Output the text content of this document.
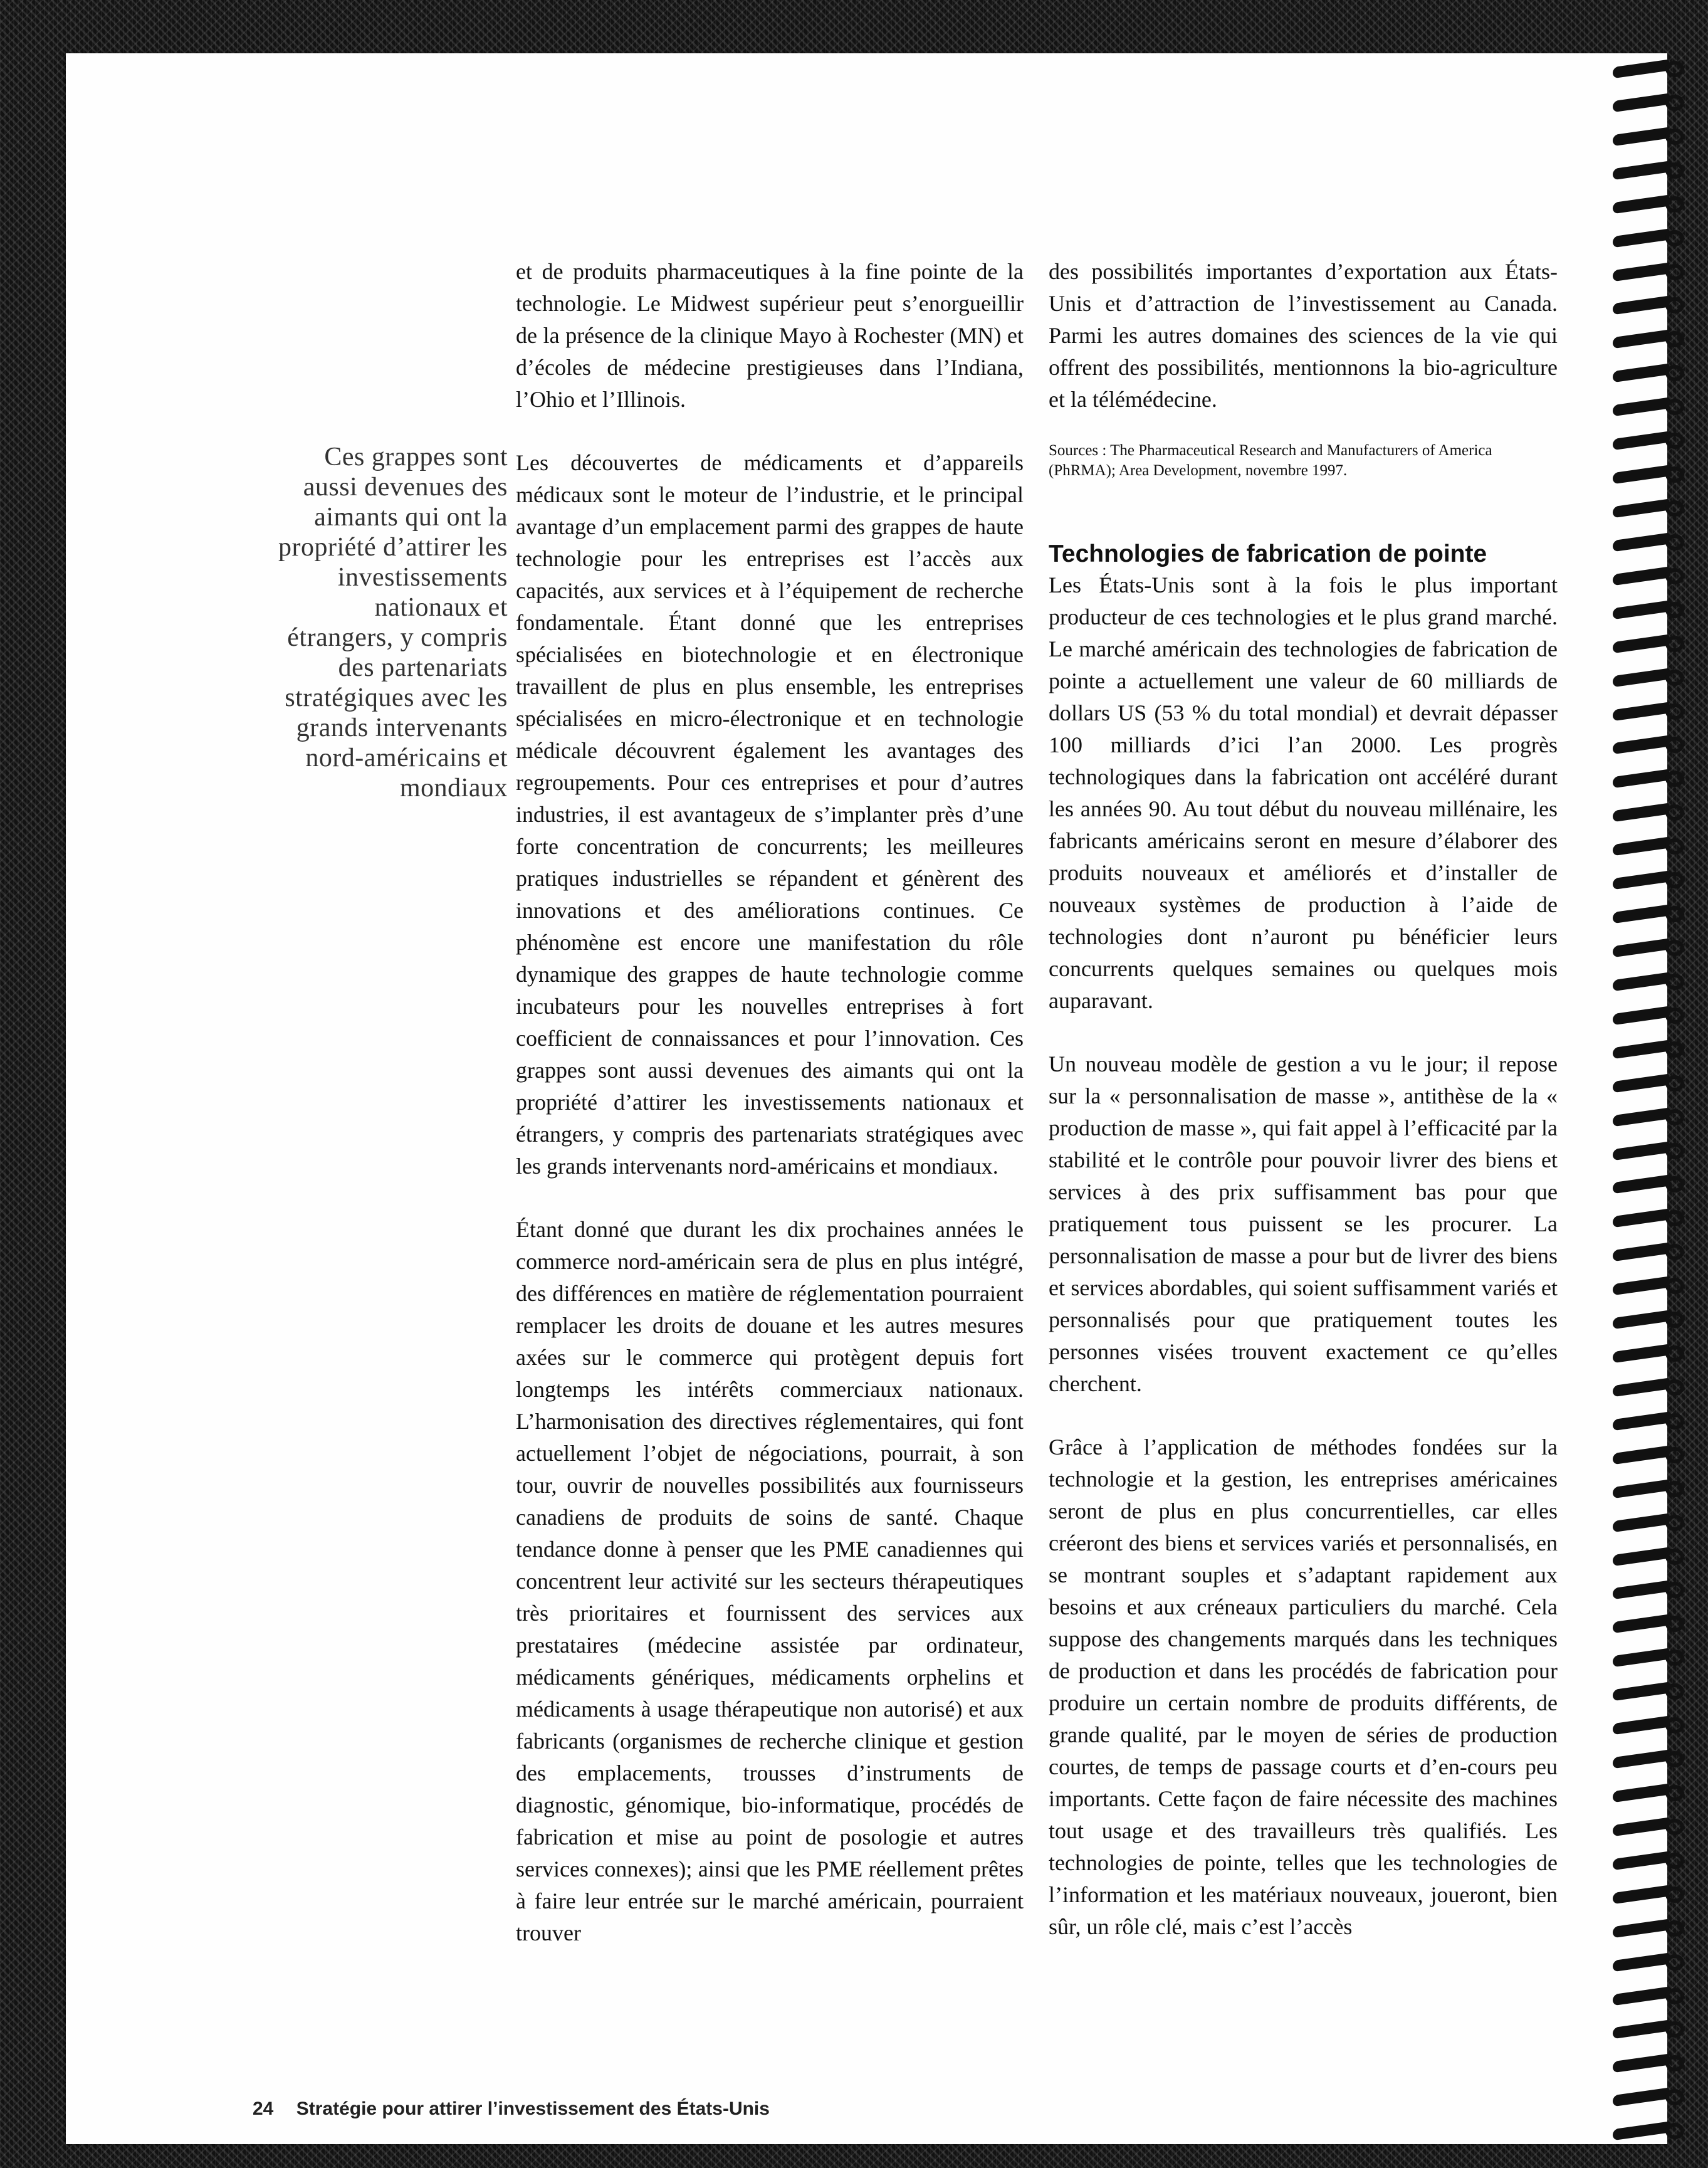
Ces grappes sont aussi devenues des aimants qui ont la propriété d’attirer les investissements nationaux et étrangers, y compris des partenariats stratégiques avec les grands intervenants nord-américains et mondiaux

et de produits pharmaceutiques à la fine pointe de la technologie. Le Midwest supérieur peut s’enorgueillir de la présence de la clinique Mayo à Rochester (MN) et d’écoles de médecine prestigieuses dans l’Indiana, l’Ohio et l’Illinois.

Les découvertes de médicaments et d’appareils médicaux sont le moteur de l’industrie, et le principal avantage d’un emplacement parmi des grappes de haute technologie pour les entreprises est l’accès aux capacités, aux services et à l’équipement de recherche fondamentale. Étant donné que les entreprises spécialisées en biotechnologie et en électronique travaillent de plus en plus ensemble, les entreprises spécialisées en micro-électronique et en technologie médicale découvrent également les avantages des regroupements. Pour ces entreprises et pour d’autres industries, il est avantageux de s’implanter près d’une forte concentration de concurrents; les meilleures pratiques industrielles se répandent et génèrent des innovations et des améliorations continues. Ce phénomène est encore une manifestation du rôle dynamique des grappes de haute technologie comme incubateurs pour les nouvelles entreprises à fort coefficient de connaissances et pour l’innovation. Ces grappes sont aussi devenues des aimants qui ont la propriété d’attirer les investissements nationaux et étrangers, y compris des partenariats stratégiques avec les grands intervenants nord-américains et mondiaux.

Étant donné que durant les dix prochaines années le commerce nord-américain sera de plus en plus intégré, des différences en matière de réglementation pourraient remplacer les droits de douane et les autres mesures axées sur le commerce qui protègent depuis fort longtemps les intérêts commerciaux nationaux. L’harmonisation des directives réglementaires, qui font actuellement l’objet de négociations, pourrait, à son tour, ouvrir de nouvelles possibilités aux fournisseurs canadiens de produits de soins de santé. Chaque tendance donne à penser que les PME canadiennes qui concentrent leur activité sur les secteurs thérapeutiques très prioritaires et fournissent des services aux prestataires (médecine assistée par ordinateur, médicaments génériques, médicaments orphelins et médicaments à usage thérapeutique non autorisé) et aux fabricants (organismes de recherche clinique et gestion des emplacements, trousses d’instruments de diagnostic, génomique, bio-informatique, procédés de fabrication et mise au point de posologie et autres services connexes); ainsi que les PME réellement prêtes à faire leur entrée sur le marché américain, pourraient trouver

des possibilités importantes d’exportation aux États-Unis et d’attraction de l’investissement au Canada. Parmi les autres domaines des sciences de la vie qui offrent des possibilités, mentionnons la bio-agriculture et la télémédecine.

Sources : The Pharmaceutical Research and Manufacturers of America (PhRMA); Area Development, novembre 1997.

Technologies de fabrication de pointe

Les États-Unis sont à la fois le plus important producteur de ces technologies et le plus grand marché. Le marché américain des technologies de fabrication de pointe a actuellement une valeur de 60 milliards de dollars US (53 % du total mondial) et devrait dépasser 100 milliards d’ici l’an 2000. Les progrès technologiques dans la fabrication ont accéléré durant les années 90. Au tout début du nouveau millénaire, les fabricants américains seront en mesure d’élaborer des produits nouveaux et améliorés et d’installer de nouveaux systèmes de production à l’aide de technologies dont n’auront pu bénéficier leurs concurrents quelques semaines ou quelques mois auparavant.

Un nouveau modèle de gestion a vu le jour; il repose sur la « personnalisation de masse », antithèse de la « production de masse », qui fait appel à l’efficacité par la stabilité et le contrôle pour pouvoir livrer des biens et services à des prix suffisamment bas pour que pratiquement tous puissent se les procurer. La personnalisation de masse a pour but de livrer des biens et services abordables, qui soient suffisamment variés et personnalisés pour que pratiquement toutes les personnes visées trouvent exactement ce qu’elles cherchent.

Grâce à l’application de méthodes fondées sur la technologie et la gestion, les entreprises américaines seront de plus en plus concurrentielles, car elles créeront des biens et services variés et personnalisés, en se montrant souples et s’adaptant rapidement aux besoins et aux créneaux particuliers du marché. Cela suppose des changements marqués dans les techniques de production et dans les procédés de fabrication pour produire un certain nombre de produits différents, de grande qualité, par le moyen de séries de production courtes, de temps de passage courts et d’en-cours peu importants. Cette façon de faire nécessite des machines tout usage et des travailleurs très qualifiés. Les technologies de pointe, telles que les technologies de l’information et les matériaux nouveaux, joueront, bien sûr, un rôle clé, mais c’est l’accès

24 Stratégie pour attirer l’investissement des États-Unis
